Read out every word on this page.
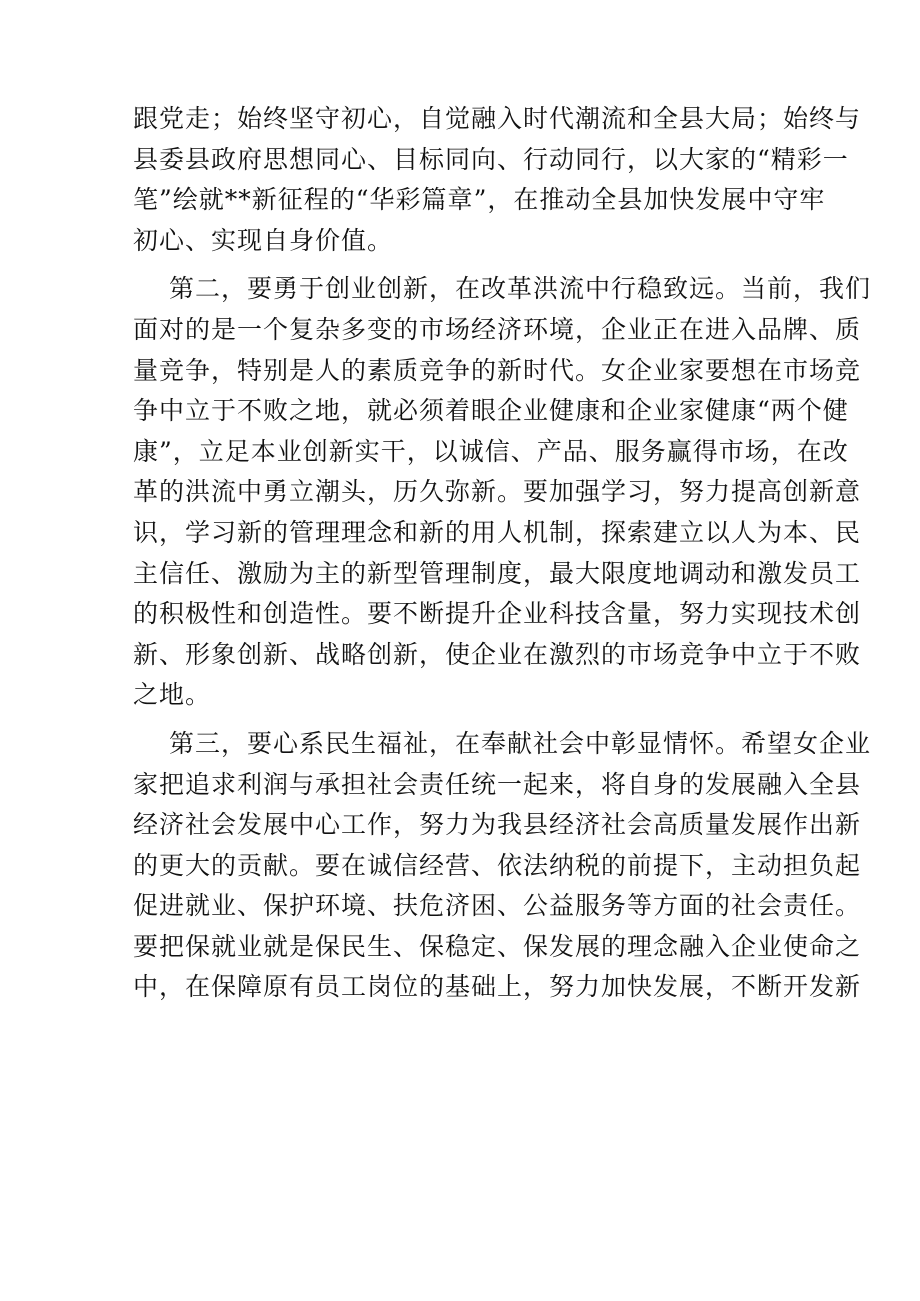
跟党走；始终坚守初心，自觉融入时代潮流和全县大局；始终与
县委县政府思想同心、目标同向、行动同行，以大家的“精彩一
笔”绘就**新征程的“华彩篇章”，在推动全县加快发展中守牢
初心、实现自身价值。

第二，要勇于创业创新，在改革洪流中行稳致远。当前，我们
面对的是一个复杂多变的市场经济环境，企业正在进入品牌、质
量竞争，特别是人的素质竞争的新时代。女企业家要想在市场竞
争中立于不败之地，就必须着眼企业健康和企业家健康“两个健
康”，立足本业创新实干，以诚信、产品、服务赢得市场，在改
革的洪流中勇立潮头，历久弥新。要加强学习，努力提高创新意
识，学习新的管理理念和新的用人机制，探索建立以人为本、民
主信任、激励为主的新型管理制度，最大限度地调动和激发员工
的积极性和创造性。要不断提升企业科技含量，努力实现技术创
新、形象创新、战略创新，使企业在激烈的市场竞争中立于不败
之地。

第三，要心系民生福祉，在奉献社会中彰显情怀。希望女企业
家把追求利润与承担社会责任统一起来，将自身的发展融入全县
经济社会发展中心工作，努力为我县经济社会高质量发展作出新
的更大的贡献。要在诚信经营、依法纳税的前提下，主动担负起
促进就业、保护环境、扶危济困、公益服务等方面的社会责任。
要把保就业就是保民生、保稳定、保发展的理念融入企业使命之
中，在保障原有员工岗位的基础上，努力加快发展，不断开发新
